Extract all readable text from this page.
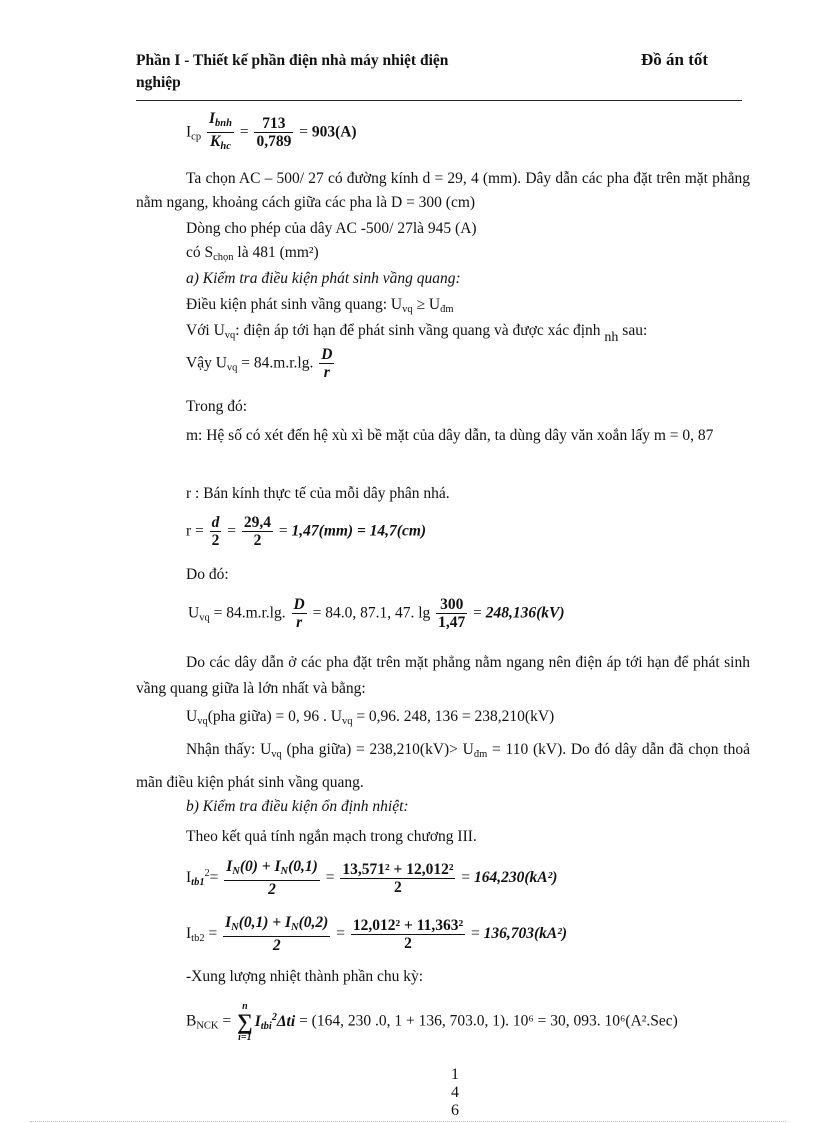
Phần I - Thiết kế phần điện nhà máy nhiệt điện
nghiệp
Đồ án tốt
$I_{cp} \frac{I_{bnh}}{K_{hc}} = \frac{713}{0,789} = 903(A)$
Ta chọn AC – 500/ 27 có đường kính d = 29, 4 (mm). Dây dẫn các pha đặt trên mặt phẳng nằm ngang, khoảng cách giữa các pha là D = 300 (cm)
Dòng cho phép của dây AC -500/ 27là 945 (A)
có $S_{chọn}$ là 481 (mm²)
a) Kiểm tra điều kiện phát sinh vầng quang:
Điều kiện phát sinh vầng quang: $U_{vq} \ge U_{đm}$
Với $U_{vq}$: điện áp tới hạn để phát sinh vầng quang và được xác định $_{nh}$ sau:
Vậy $U_{vq} = 84.m.r.\lg$. $\frac{D}{r}$
Trong đó:
m: Hệ số có xét đến hệ xù xì bề mặt của dây dẫn, ta dùng dây văn xoắn lấy m = 0, 87
r : Bán kính thực tế của mỗi dây phân nhá.
$r = \frac{d}{2} = \frac{29,4}{2} = 1,47(mm) = 14,7(cm)$
Do đó:
$U_{vq} = 84.m.r.\lg$. $\frac{D}{r} = 84.0$, 87.1, 47. $\lg \frac{300}{1,47} = 248,136(kV)$
Do các dây dẫn ở các pha đặt trên mặt phẳng nằm ngang nên điện áp tới hạn để phát sinh vầng quang giữa là lớn nhất và bằng:
$U_{vq}(pha$ giữa) = 0, 96 . $U_{vq} = 0,96$. 248, 136 = 238,210(kV)
Nhận thấy: $U_{vq}$ (pha giữa) = $238,210(kV)> U_{đm} = 110$ (kV). Do đó dây dẫn đã chọn thoả mãn điều kiện phát sinh vầng quang.
b) Kiểm tra điều kiện ổn định nhiệt:
Theo kết quả tính ngắn mạch trong chương III.
$I_{tb1}^2= \frac{I_N(0) + I_N(0,1)}{2} = \frac{\text{13,571² + 12,012²}}{2} = 164,230(kA^2)$
$I_{tb2} = \frac{I_N(0,1) + I_N(0,2)}{2} = \frac{\text{12,012² + 11,363²}}{2} = 136,703(kA^2)$
-Xung lượng nhiệt thành phần chu kỳ:
$B_{NCK} = n$
∑
$i=1I_{tbi}^2\Delta ti = (164$, 230 .0, 1 + 136, 703.0, 1). 10⁶ = 30, 093. 10⁶(A².Sec)
1
4
6
